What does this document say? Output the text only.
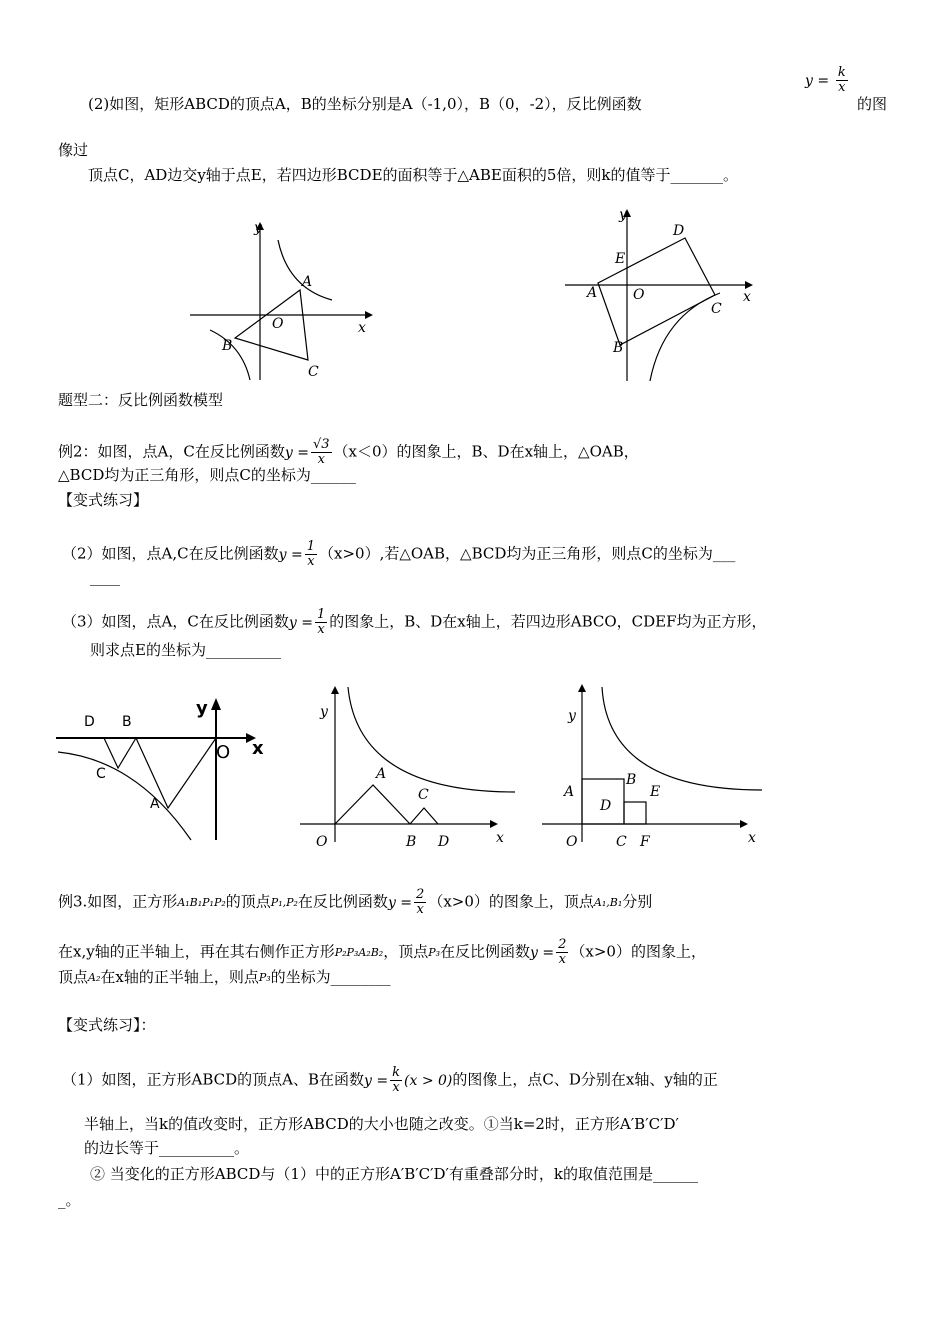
(2)如图，矩形ABCD的顶点A，B的坐标分别是A（-1,0），B（0，-2），反比例函数
$y = \frac{k}{x}$
的图
像过
顶点C，AD边交y轴于点E，若四边形BCDE的面积等于△ABE面积的5倍，则k的值等于_______。
y
x
O
A
B
C
y
x
O
A
B
C
D
E
题型二：反比例函数模型
例2：如图，点A，C在反比例函数$y = \frac{√3}{x} (x<0)$的图象上，B、D在x轴上，△OAB，
△BCD均为正三角形，则点C的坐标为______
【变式练习】
（2）如图，点A,C在反比例函数$y = \frac{1}{x} (x>0)$,若△OAB，△BCD均为正三角形，则点C的坐标为___
____
（3）如图，点A，C在反比例函数$y = \frac{1}{x}$ 的图象上，B、D在x轴上，若四边形ABCO，CDEF均为正方形，
则求点E的坐标为__________
D B
C
A
y
O x
y
x
O
A
B
C
D
y
x
O
A
B
C
D
E
F
例3.如图，正方形A₁B₁P₁P₂的顶点P₁,P₂在反比例函数$y = \frac{2}{x} (x>0)$的图象上，顶点A₁,B₁分别
在x,y轴的正半轴上，再在其右侧作正方形P₂P₃A₂B₂，顶点P₃在反比例函数$y = \frac{2}{x} (x>0)$的图象上，
顶点A₂在x轴的正半轴上，则点P₃的坐标为________
【变式练习】：
（1）如图，正方形ABCD的顶点A、B在函数$y = \frac{k}{x} (x > 0)$的图像上，点C、D分别在x轴、y轴的正
半轴上，当k的值改变时，正方形ABCD的大小也随之改变。①当k=2时，正方形A′B′C′D′
的边长等于__________。
② 当变化的正方形ABCD与（1）中的正方形A′B′C′D′有重叠部分时，k的取值范围是______
_。
